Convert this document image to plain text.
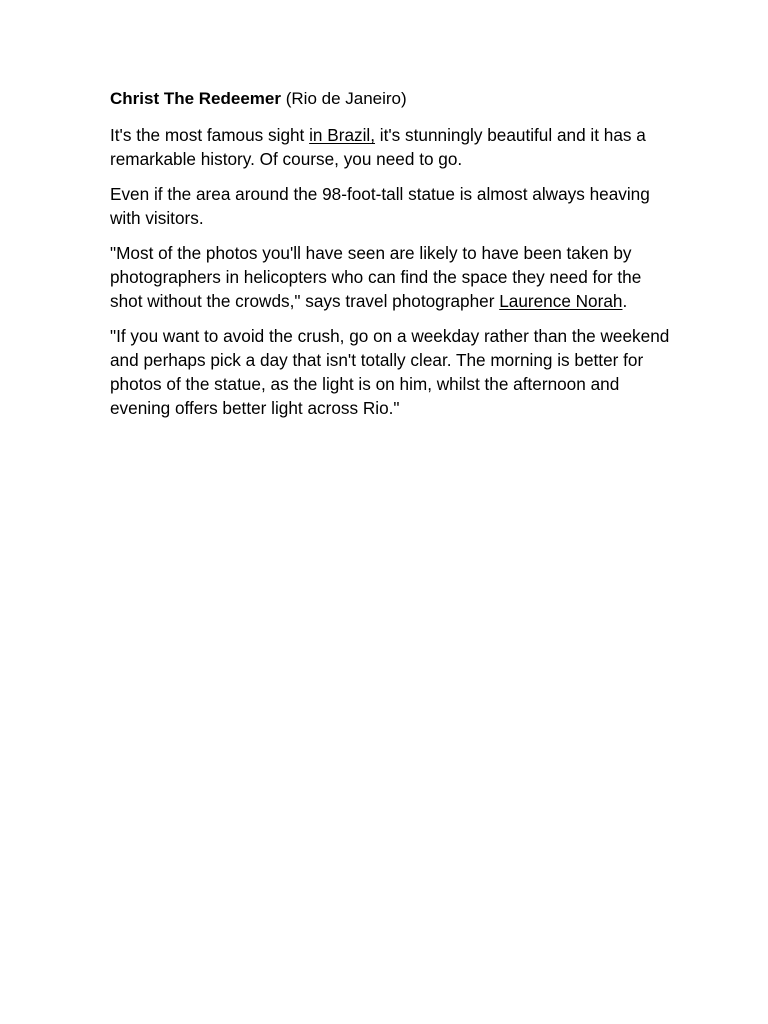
Christ The Redeemer (Rio de Janeiro)

It's the most famous sight in Brazil, it's stunningly beautiful and it has a remarkable history. Of course, you need to go.

Even if the area around the 98-foot-tall statue is almost always heaving with visitors.

"Most of the photos you'll have seen are likely to have been taken by photographers in helicopters who can find the space they need for the shot without the crowds," says travel photographer Laurence Norah.

"If you want to avoid the crush, go on a weekday rather than the weekend and perhaps pick a day that isn't totally clear. The morning is better for photos of the statue, as the light is on him, whilst the afternoon and evening offers better light across Rio."
